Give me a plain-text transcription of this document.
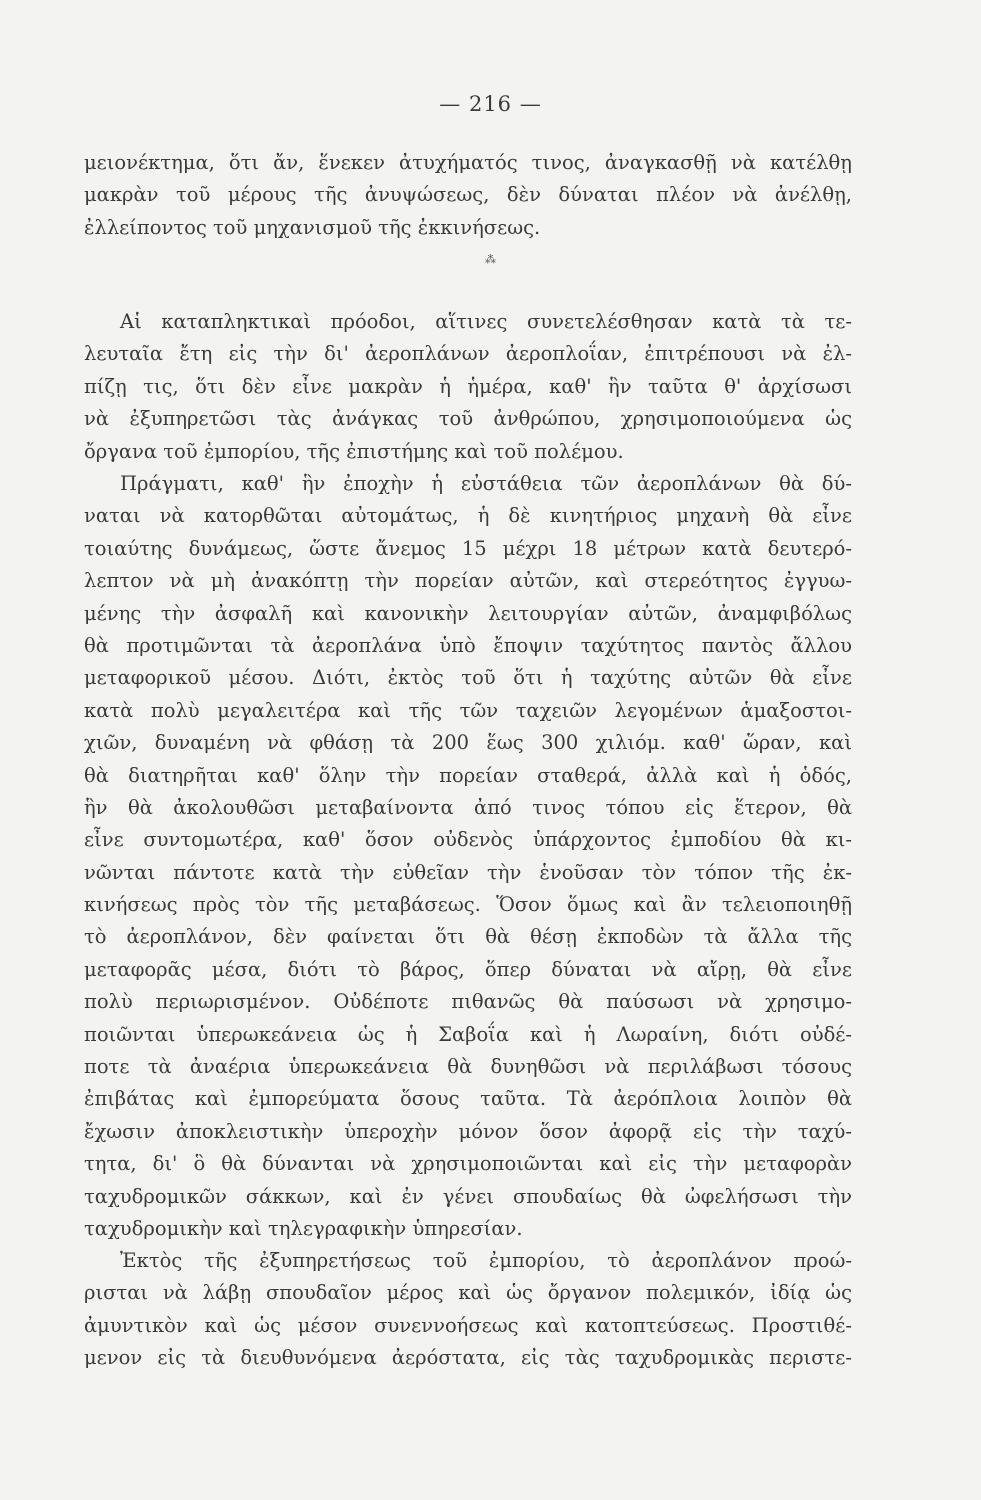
— 216 —
μειονέκτημα, ὅτι ἄν, ἕνεκεν ἀτυχήματός τινος, ἀναγκασθῇ νὰ κατέλθῃ
μακρὰν τοῦ μέρους τῆς ἀνυψώσεως, δὲν δύναται πλέον νὰ ἀνέλθῃ,
ἐλλείποντος τοῦ μηχανισμοῦ τῆς ἐκκινήσεως.
⁂
Αἱ καταπληκτικαὶ πρόοδοι, αἵτινες συνετελέσθησαν κατὰ τὰ τε-
λευταῖα ἔτη εἰς τὴν δι' ἀεροπλάνων ἀεροπλοΐαν, ἐπιτρέπουσι νὰ ἐλ-
πίζῃ τις, ὅτι δὲν εἶνε μακρὰν ἡ ἡμέρα, καθ' ἣν ταῦτα θ' ἀρχίσωσι
νὰ ἐξυπηρετῶσι τὰς ἀνάγκας τοῦ ἀνθρώπου, χρησιμοποιούμενα ὡς
ὄργανα τοῦ ἐμπορίου, τῆς ἐπιστήμης καὶ τοῦ πολέμου.
Πράγματι, καθ' ἣν ἐποχὴν ἡ εὐστάθεια τῶν ἀεροπλάνων θὰ δύ-
ναται νὰ κατορθῶται αὐτομάτως, ἡ δὲ κινητήριος μηχανὴ θὰ εἶνε
τοιαύτης δυνάμεως, ὥστε ἄνεμος 15 μέχρι 18 μέτρων κατὰ δευτερό-
λεπτον νὰ μὴ ἀνακόπτῃ τὴν πορείαν αὐτῶν, καὶ στερεότητος ἐγγυω-
μένης τὴν ἀσφαλῆ καὶ κανονικὴν λειτουργίαν αὐτῶν, ἀναμφιβόλως
θὰ προτιμῶνται τὰ ἀεροπλάνα ὑπὸ ἔποψιν ταχύτητος παντὸς ἄλλου
μεταφορικοῦ μέσου. Διότι, ἐκτὸς τοῦ ὅτι ἡ ταχύτης αὐτῶν θὰ εἶνε
κατὰ πολὺ μεγαλειτέρα καὶ τῆς τῶν ταχειῶν λεγομένων ἁμαξοστοι-
χιῶν, δυναμένη νὰ φθάσῃ τὰ 200 ἕως 300 χιλιόμ. καθ' ὥραν, καὶ
θὰ διατηρῆται καθ' ὅλην τὴν πορείαν σταθερά, ἀλλὰ καὶ ἡ ὁδός,
ἣν θὰ ἀκολουθῶσι μεταβαίνοντα ἀπό τινος τόπου εἰς ἕτερον, θὰ
εἶνε συντομωτέρα, καθ' ὅσον οὐδενὸς ὑπάρχοντος ἐμποδίου θὰ κι-
νῶνται πάντοτε κατὰ τὴν εὐθεῖαν τὴν ἑνοῦσαν τὸν τόπον τῆς ἐκ-
κινήσεως πρὸς τὸν τῆς μεταβάσεως. Ὅσον ὅμως καὶ ἂν τελειοποιηθῇ
τὸ ἀεροπλάνον, δὲν φαίνεται ὅτι θὰ θέσῃ ἐκποδὼν τὰ ἄλλα τῆς
μεταφορᾶς μέσα, διότι τὸ βάρος, ὅπερ δύναται νὰ αἴρῃ, θὰ εἶνε
πολὺ περιωρισμένον. Οὐδέποτε πιθανῶς θὰ παύσωσι νὰ χρησιμο-
ποιῶνται ὑπερωκεάνεια ὡς ἡ Σαβοΐα καὶ ἡ Λωραίνη, διότι οὐδέ-
ποτε τὰ ἀναέρια ὑπερωκεάνεια θὰ δυνηθῶσι νὰ περιλάβωσι τόσους
ἐπιβάτας καὶ ἐμπορεύματα ὅσους ταῦτα. Τὰ ἀερόπλοια λοιπὸν θὰ
ἔχωσιν ἀποκλειστικὴν ὑπεροχὴν μόνον ὅσον ἀφορᾷ εἰς τὴν ταχύ-
τητα, δι' ὃ θὰ δύνανται νὰ χρησιμοποιῶνται καὶ εἰς τὴν μεταφορὰν
ταχυδρομικῶν σάκκων, καὶ ἐν γένει σπουδαίως θὰ ὠφελήσωσι τὴν
ταχυδρομικὴν καὶ τηλεγραφικὴν ὑπηρεσίαν.
Ἐκτὸς τῆς ἐξυπηρετήσεως τοῦ ἐμπορίου, τὸ ἀεροπλάνον προώ-
ρισται νὰ λάβῃ σπουδαῖον μέρος καὶ ὡς ὄργανον πολεμικόν, ἰδίᾳ ὡς
ἀμυντικὸν καὶ ὡς μέσον συνεννοήσεως καὶ κατοπτεύσεως. Προστιθέ-
μενον εἰς τὰ διευθυνόμενα ἀερόστατα, εἰς τὰς ταχυδρομικὰς περιστε-
